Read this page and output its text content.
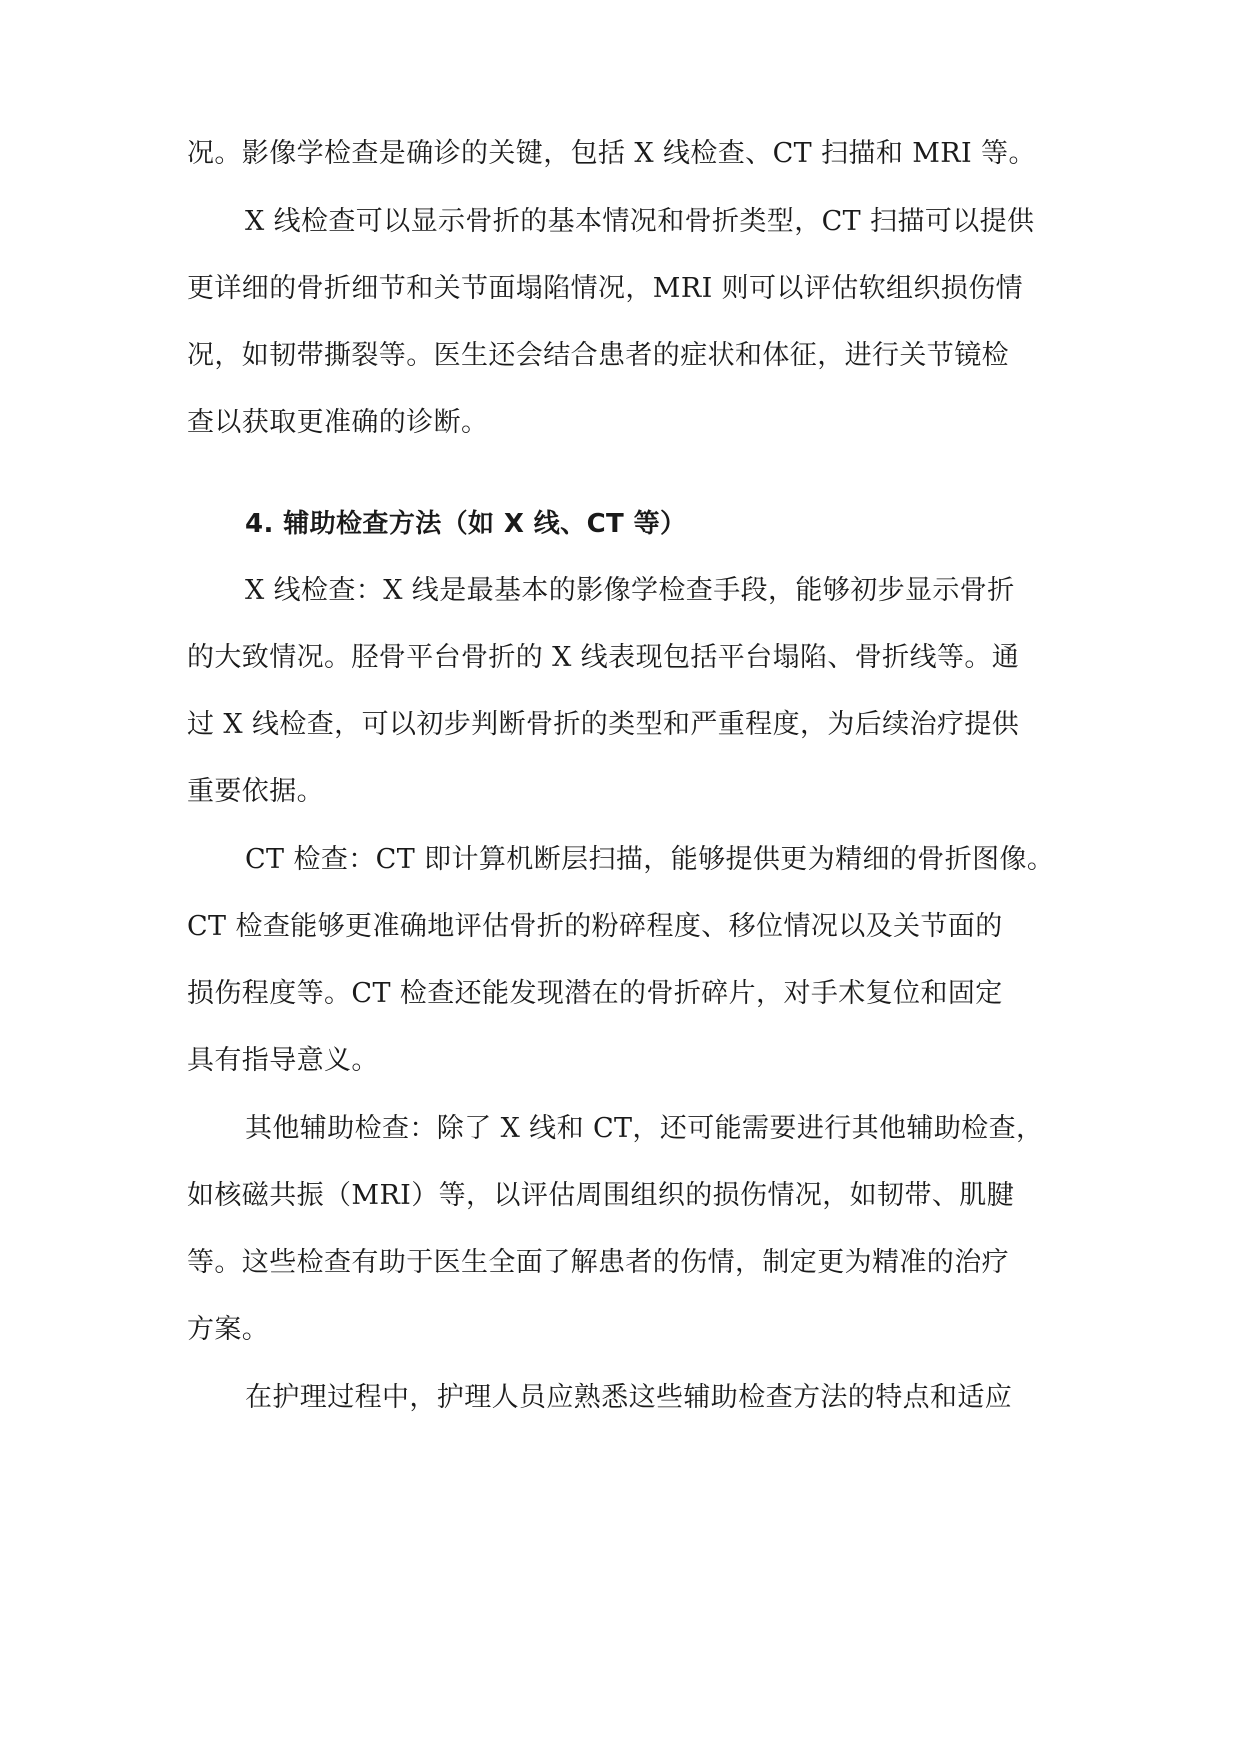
况。影像学检查是确诊的关键，包括 X 线检查、CT 扫描和 MRI 等。
X 线检查可以显示骨折的基本情况和骨折类型，CT 扫描可以提供
更详细的骨折细节和关节面塌陷情况，MRI 则可以评估软组织损伤情
况，如韧带撕裂等。医生还会结合患者的症状和体征，进行关节镜检
查以获取更准确的诊断。
4. 辅助检查方法（如 X 线、CT 等）
X 线检查：X 线是最基本的影像学检查手段，能够初步显示骨折
的大致情况。胫骨平台骨折的 X 线表现包括平台塌陷、骨折线等。通
过 X 线检查，可以初步判断骨折的类型和严重程度，为后续治疗提供
重要依据。
CT 检查：CT 即计算机断层扫描，能够提供更为精细的骨折图像。
CT 检查能够更准确地评估骨折的粉碎程度、移位情况以及关节面的
损伤程度等。CT 检查还能发现潜在的骨折碎片，对手术复位和固定
具有指导意义。
其他辅助检查：除了 X 线和 CT，还可能需要进行其他辅助检查，
如核磁共振（MRI）等，以评估周围组织的损伤情况，如韧带、肌腱
等。这些检查有助于医生全面了解患者的伤情，制定更为精准的治疗
方案。
在护理过程中，护理人员应熟悉这些辅助检查方法的特点和适应
